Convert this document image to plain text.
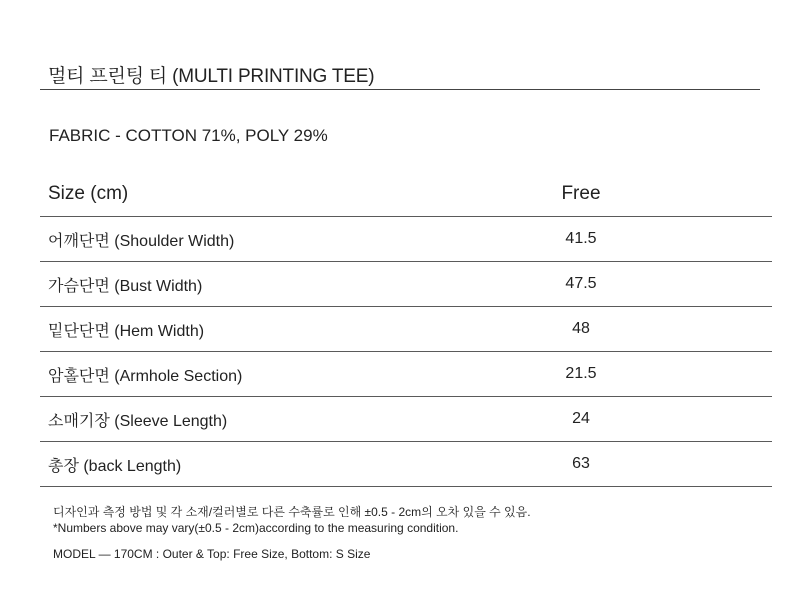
멀티 프린팅 티 (MULTI PRINTING TEE)
FABRIC - COTTON 71%, POLY 29%
Size (cm)	Free	
어깨단면 (Shoulder Width)	41.5	
가슴단면 (Bust Width)	47.5	
밑단단면 (Hem Width)	48	
암홀단면 (Armhole Section)	21.5	
소매기장 (Sleeve Length)	24	
총장 (back Length)	63	
디자인과 측정 방법 및 각 소재/컬러별로 다른 수축률로 인해 ±0.5 - 2cm의 오차 있을 수 있음.
*Numbers above may vary(±0.5 - 2cm)according to the measuring condition.
MODEL — 170CM : Outer & Top: Free Size, Bottom: S Size
